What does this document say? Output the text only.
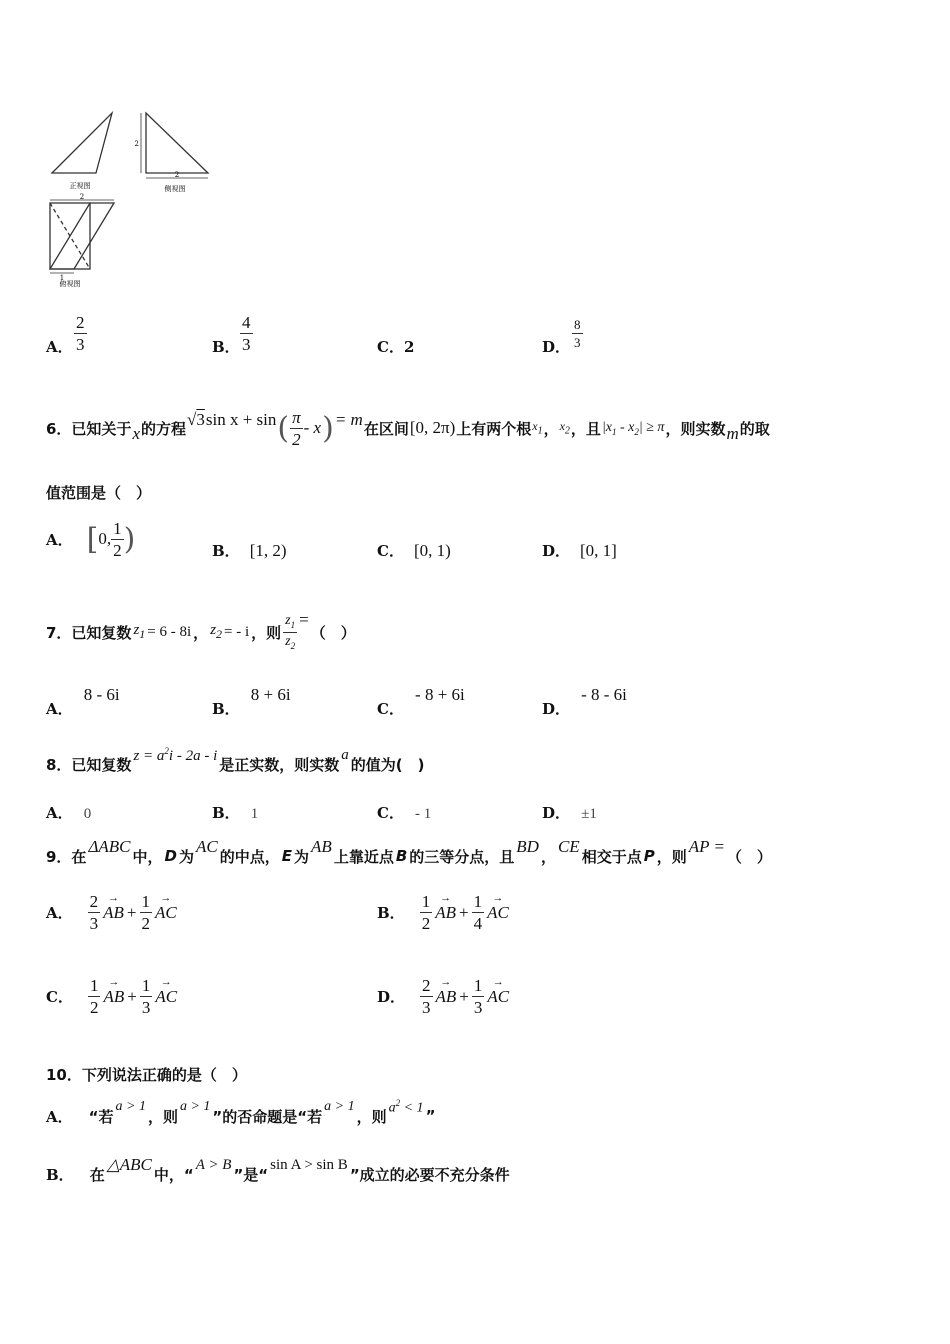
正视图	侧视图
俯视图
2
2
2
1
A． $\frac{2}{3}$	B． $\frac{4}{3}$	C．2	D． $\frac{8}{3}$
6．已知关于 x 的方程 √3 sin x + sin ( $\frac{\pi}{2}$ - x ) = m 在区间 [0, 2π) 上有两个根 $x_1$ ， $x_2$ ，且 $|x_1 - x_2| \ge \pi$ ，则实数 m 的取
值范围是（　）
A． [ 0, $\frac{1}{2}$ )	B． [1, 2)	C． [0, 1)	D． [0, 1]
7．已知复数 $z_1 = 6 - 8i$ ， $z_2$ = - i ，则 $\frac{z_1}{z_2}$ =
（　）
A． 8 - 6i
B． 8 + 6i
C． - 8 + 6i
D． - 8 - 6i
8．已知复数 $z = a^2i - 2a - i$ 是正实数，则实数
a
的值为(　)
A． 0	B． 1	C． - 1	D． ±1
9．在
ΔABC
中， D 为
AC
的中点， E 为
AB
上靠近点 B 的三等分点，且
BD
，
CE
相交于点 P ，则
AP =
（　）
A． $\frac{2}{3}$ → AB + $\frac{1}{2}$ → AC	B． $\frac{1}{2}$ → AB + $\frac{1}{4}$ → AC
C． $\frac{1}{2}$ → AB + $\frac{1}{3}$ → AC	D． $\frac{2}{3}$ → AB + $\frac{1}{3}$ → AC
10．下列说法正确的是（　）
A． “若
a > 1
，则
a > 1
”的否命题是“若
a > 1
，则 $a^2 < 1$ ”
B． 在
△ABC
中，“
A > B
”是“
sin A > sin B
”成立的必要不充分条件
